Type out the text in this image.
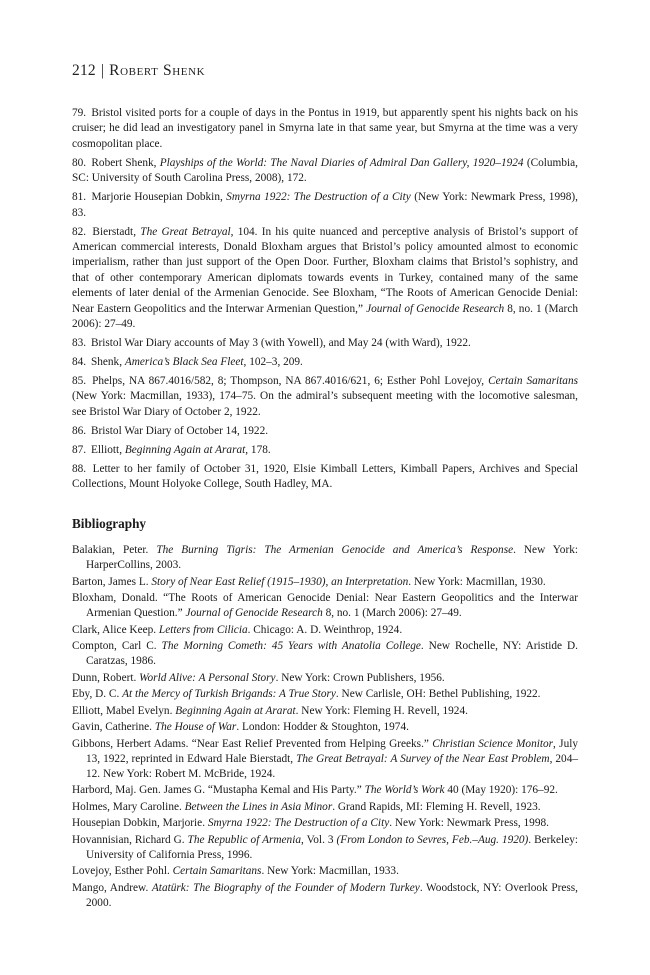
212 | Robert Shenk

79. Bristol visited ports for a couple of days in the Pontus in 1919, but apparently spent his nights back on his cruiser; he did lead an investigatory panel in Smyrna late in that same year, but Smyrna at the time was a very cosmopolitan place.

80. Robert Shenk, Playships of the World: The Naval Diaries of Admiral Dan Gallery, 1920–1924 (Columbia, SC: University of South Carolina Press, 2008), 172.

81. Marjorie Housepian Dobkin, Smyrna 1922: The Destruction of a City (New York: Newmark Press, 1998), 83.

82. Bierstadt, The Great Betrayal, 104. In his quite nuanced and perceptive analysis of Bristol’s support of American commercial interests, Donald Bloxham argues that Bristol’s policy amounted almost to economic imperialism, rather than just support of the Open Door. Further, Bloxham claims that Bristol’s sophistry, and that of other contemporary American diplomats towards events in Turkey, contained many of the same elements of later denial of the Armenian Genocide. See Bloxham, “The Roots of American Genocide Denial: Near Eastern Geopolitics and the Interwar Armenian Question,” Journal of Genocide Research 8, no. 1 (March 2006): 27–49.

83. Bristol War Diary accounts of May 3 (with Yowell), and May 24 (with Ward), 1922.

84. Shenk, America’s Black Sea Fleet, 102–3, 209.

85. Phelps, NA 867.4016/582, 8; Thompson, NA 867.4016/621, 6; Esther Pohl Lovejoy, Certain Samaritans (New York: Macmillan, 1933), 174–75. On the admiral’s subsequent meeting with the locomotive salesman, see Bristol War Diary of October 2, 1922.

86. Bristol War Diary of October 14, 1922.

87. Elliott, Beginning Again at Ararat, 178.

88. Letter to her family of October 31, 1920, Elsie Kimball Letters, Kimball Papers, Archives and Special Collections, Mount Holyoke College, South Hadley, MA.

Bibliography

Balakian, Peter. The Burning Tigris: The Armenian Genocide and America’s Response. New York: HarperCollins, 2003.

Barton, James L. Story of Near East Relief (1915–1930), an Interpretation. New York: Macmillan, 1930.

Bloxham, Donald. “The Roots of American Genocide Denial: Near Eastern Geopolitics and the Interwar Armenian Question.” Journal of Genocide Research 8, no. 1 (March 2006): 27–49.

Clark, Alice Keep. Letters from Cilicia. Chicago: A. D. Weinthrop, 1924.

Compton, Carl C. The Morning Cometh: 45 Years with Anatolia College. New Rochelle, NY: Aristide D. Caratzas, 1986.

Dunn, Robert. World Alive: A Personal Story. New York: Crown Publishers, 1956.

Eby, D. C. At the Mercy of Turkish Brigands: A True Story. New Carlisle, OH: Bethel Publishing, 1922.

Elliott, Mabel Evelyn. Beginning Again at Ararat. New York: Fleming H. Revell, 1924.

Gavin, Catherine. The House of War. London: Hodder & Stoughton, 1974.

Gibbons, Herbert Adams. “Near East Relief Prevented from Helping Greeks.” Christian Science Monitor, July 13, 1922, reprinted in Edward Hale Bierstadt, The Great Betrayal: A Survey of the Near East Problem, 204–12. New York: Robert M. McBride, 1924.

Harbord, Maj. Gen. James G. “Mustapha Kemal and His Party.” The World’s Work 40 (May 1920): 176–92.

Holmes, Mary Caroline. Between the Lines in Asia Minor. Grand Rapids, MI: Fleming H. Revell, 1923.

Housepian Dobkin, Marjorie. Smyrna 1922: The Destruction of a City. New York: Newmark Press, 1998.

Hovannisian, Richard G. The Republic of Armenia, Vol. 3 (From London to Sevres, Feb.–Aug. 1920). Berkeley: University of California Press, 1996.

Lovejoy, Esther Pohl. Certain Samaritans. New York: Macmillan, 1933.

Mango, Andrew. Atatürk: The Biography of the Founder of Modern Turkey. Woodstock, NY: Overlook Press, 2000.
